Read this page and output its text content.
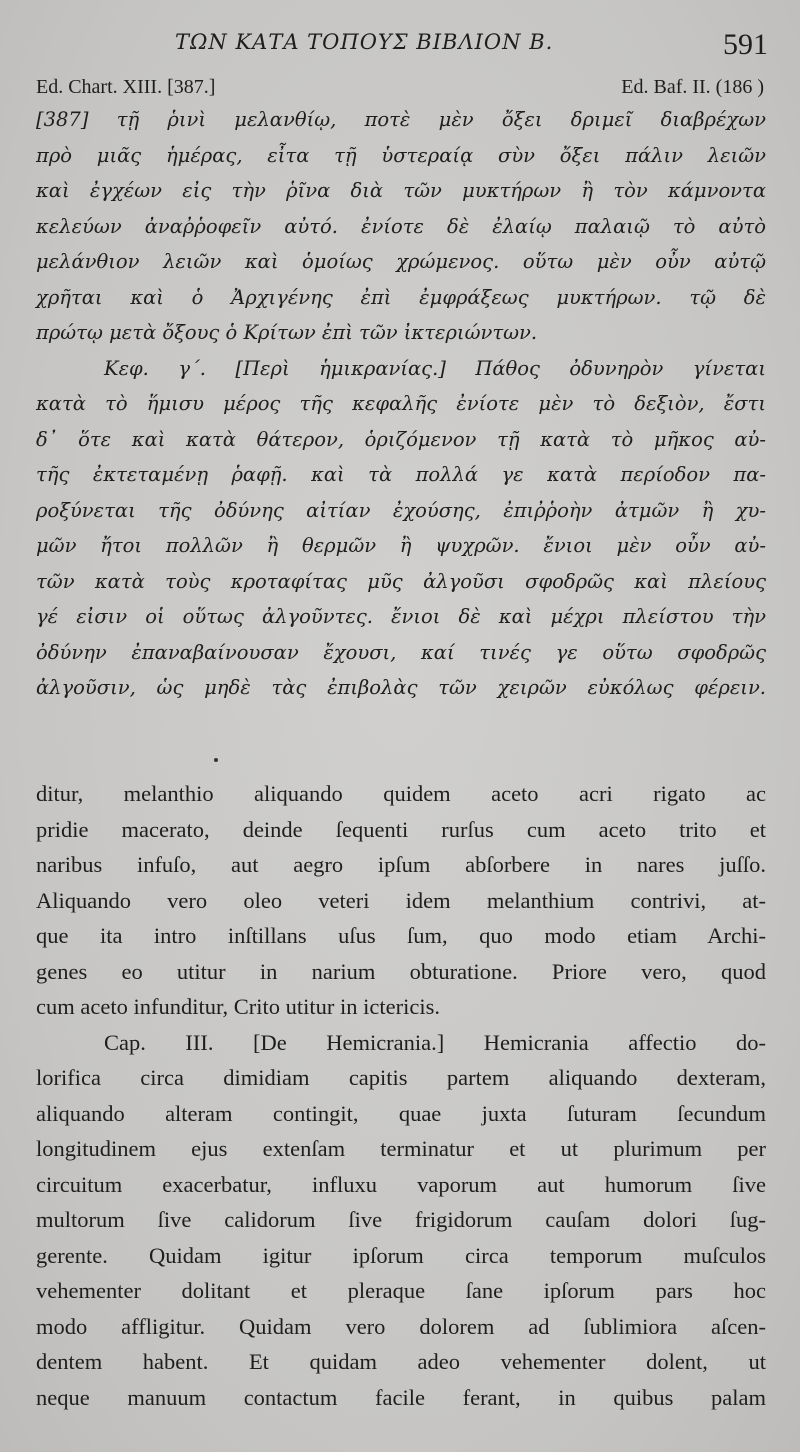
ΤΩΝ ΚΑΤΑ ΤΟΠΟΥΣ ΒΙΒΛΙΟΝ Β.	591
Ed. Chart. XIII. [387.]	Ed. Baf. II. (186 )
[387] τῇ ῥινὶ μελανθίῳ, ποτὲ μὲν ὄξει δριμεῖ διαβρέχων
πρὸ μιᾶς ἡμέρας, εἶτα τῇ ὑστεραίᾳ σὺν ὄξει πάλιν λειῶν
καὶ ἐγχέων εἰς τὴν ῥῖνα διὰ τῶν μυκτήρων ἢ τὸν κάμνοντα
κελεύων ἀναῤῥοφεῖν αὐτό. ἐνίοτε δὲ ἐλαίῳ παλαιῷ τὸ αὐτὸ
μελάνθιον λειῶν καὶ ὁμοίως χρώμενος. οὕτω μὲν οὖν αὐτῷ
χρῆται καὶ ὁ Ἀρχιγένης ἐπὶ ἐμφράξεως μυκτήρων. τῷ δὲ
πρώτῳ μετὰ ὄξους ὁ Κρίτων ἐπὶ τῶν ἰκτεριώντων.
Κεφ. γ΄. [Περὶ ἡμικρανίας.] Πάθος ὀδυνηρὸν γίνεται
κατὰ τὸ ἥμισυ μέρος τῆς κεφαλῆς ἐνίοτε μὲν τὸ δεξιὸν, ἔστι
δ᾽ ὅτε καὶ κατὰ θάτερον, ὁριζόμενον τῇ κατὰ τὸ μῆκος αὐ-
τῆς ἐκτεταμένῃ ῥαφῇ. καὶ τὰ πολλά γε κατὰ περίοδον πα-
ροξύνεται τῆς ὀδύνης αἰτίαν ἐχούσης, ἐπιῤῥοὴν ἀτμῶν ἢ χυ-
μῶν ἤτοι πολλῶν ἢ θερμῶν ἢ ψυχρῶν. ἔνιοι μὲν οὖν αὐ-
τῶν κατὰ τοὺς κροταφίτας μῦς ἀλγοῦσι σφοδρῶς καὶ πλείους
γέ εἰσιν οἱ οὕτως ἀλγοῦντες. ἔνιοι δὲ καὶ μέχρι πλείστου τὴν
ὀδύνην ἐπαναβαίνουσαν ἔχουσι, καί τινές γε οὕτω σφοδρῶς
ἀλγοῦσιν, ὡς μηδὲ τὰς ἐπιβολὰς τῶν χειρῶν εὐκόλως φέρειν.
ditur, melanthio aliquando quidem aceto acri rigato ac
pridie macerato, deinde ſequenti rurſus cum aceto trito et
naribus infuſo, aut aegro ipſum abſorbere in nares juſſo.
Aliquando vero oleo veteri idem melanthium contrivi, at-
que ita intro inſtillans uſus ſum, quo modo etiam Archi-
genes eo utitur in narium obturatione. Priore vero, quod
cum aceto infunditur, Crito utitur in ictericis.
Cap. III. [De Hemicrania.] Hemicrania affectio do-
lorifica circa dimidiam capitis partem aliquando dexteram,
aliquando alteram contingit, quae juxta ſuturam ſecundum
longitudinem ejus extenſam terminatur et ut plurimum per
circuitum exacerbatur, influxu vaporum aut humorum ſive
multorum ſive calidorum ſive frigidorum cauſam dolori ſug-
gerente. Quidam igitur ipſorum circa temporum muſculos
vehementer dolitant et pleraque ſane ipſorum pars hoc
modo affligitur. Quidam vero dolorem ad ſublimiora aſcen-
dentem habent. Et quidam adeo vehementer dolent, ut
neque manuum contactum facile ferant, in quibus palam
